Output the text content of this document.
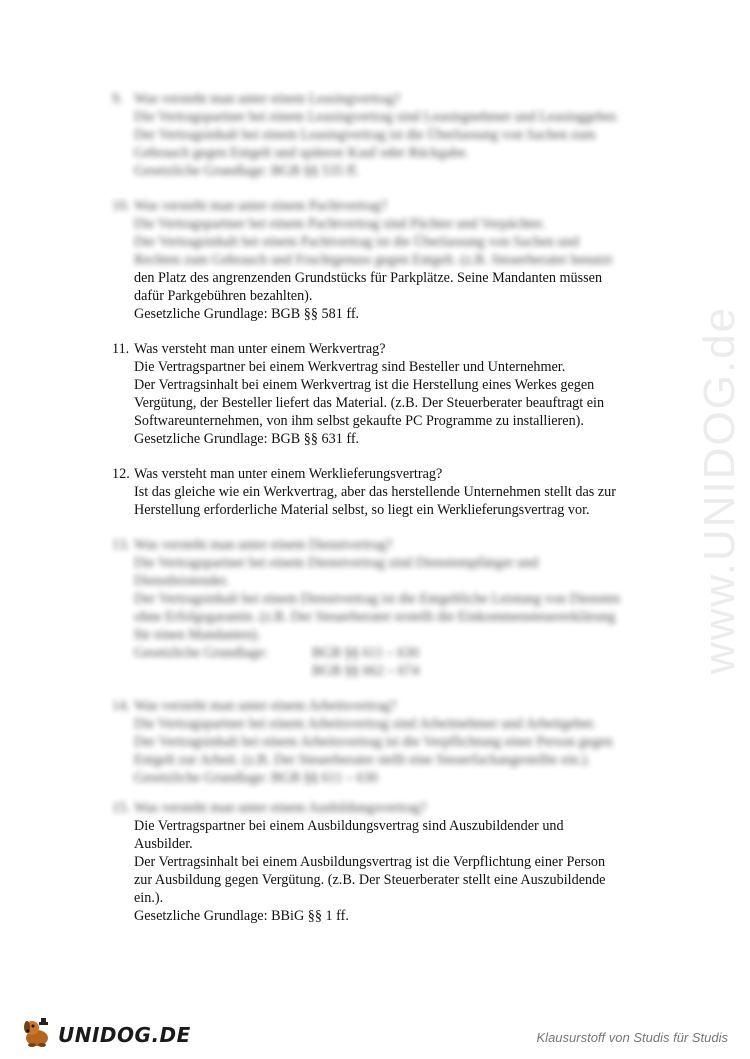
www.UNIDOG.de
9. Was versteht man unter einem Leasingvertrag?
Die Vertragspartner bei einem Leasingvertrag sind Leasingnehmer und Leasinggeber.
Der Vertragsinhalt bei einem Leasingvertrag ist die Überlassung von Sachen zum
Gebrauch gegen Entgelt und späterer Kauf oder Rückgabe.
Gesetzliche Grundlage: BGB §§ 535 ff.
10. Was versteht man unter einem Pachtvertrag?
Die Vertragspartner bei einem Pachtvertrag sind Pächter und Verpächter.
Der Vertragsinhalt bei einem Pachtvertrag ist die Überlassung von Sachen und
Rechten zum Gebrauch und Fruchtgenuss gegen Entgelt. (z.B. Steuerberater benutzt
den Platz des angrenzenden Grundstücks für Parkplätze. Seine Mandanten müssen
dafür Parkgebühren bezahlten).
Gesetzliche Grundlage: BGB §§ 581 ff.
11. Was versteht man unter einem Werkvertrag?
Die Vertragspartner bei einem Werkvertrag sind Besteller und Unternehmer.
Der Vertragsinhalt bei einem Werkvertrag ist die Herstellung eines Werkes gegen
Vergütung, der Besteller liefert das Material. (z.B. Der Steuerberater beauftragt ein
Softwareunternehmen, von ihm selbst gekaufte PC Programme zu installieren).
Gesetzliche Grundlage: BGB §§ 631 ff.
12. Was versteht man unter einem Werklieferungsvertrag?
Ist das gleiche wie ein Werkvertrag, aber das herstellende Unternehmen stellt das zur
Herstellung erforderliche Material selbst, so liegt ein Werklieferungsvertrag vor.
13. Was versteht man unter einem Dienstvertrag?
Die Vertragspartner bei einem Dienstvertrag sind Dienstempfänger und
Dienstleistender.
Der Vertragsinhalt bei einem Dienstvertrag ist die Entgeltliche Leistung von Diensten
ohne Erfolgsgarantie. (z.B. Der Steuerberater erstellt die Einkommensteuererklärung
für einen Mandanten).
Gesetzliche Grundlage:	BGB §§ 611 – 630
BGB §§ 662 – 674
14. Was versteht man unter einem Arbeitsvertrag?
Die Vertragspartner bei einem Arbeitsvertrag sind Arbeitnehmer und Arbeitgeber.
Der Vertragsinhalt bei einem Arbeitsvertrag ist die Verpflichtung einer Person gegen
Entgelt zur Arbeit. (z.B. Der Steuerberater stellt eine Steuerfachangestellte ein.).
Gesetzliche Grundlage: BGB §§ 611 – 630
15. Was versteht man unter einem Ausbildungsvertrag?
Die Vertragspartner bei einem Ausbildungsvertrag sind Auszubildender und
Ausbilder.
Der Vertragsinhalt bei einem Ausbildungsvertrag ist die Verpflichtung einer Person
zur Ausbildung gegen Vergütung. (z.B. Der Steuerberater stellt eine Auszubildende
ein.).
Gesetzliche Grundlage: BBiG §§ 1 ff.
UNIDOG.DE	Klausurstoff von Studis für Studis
